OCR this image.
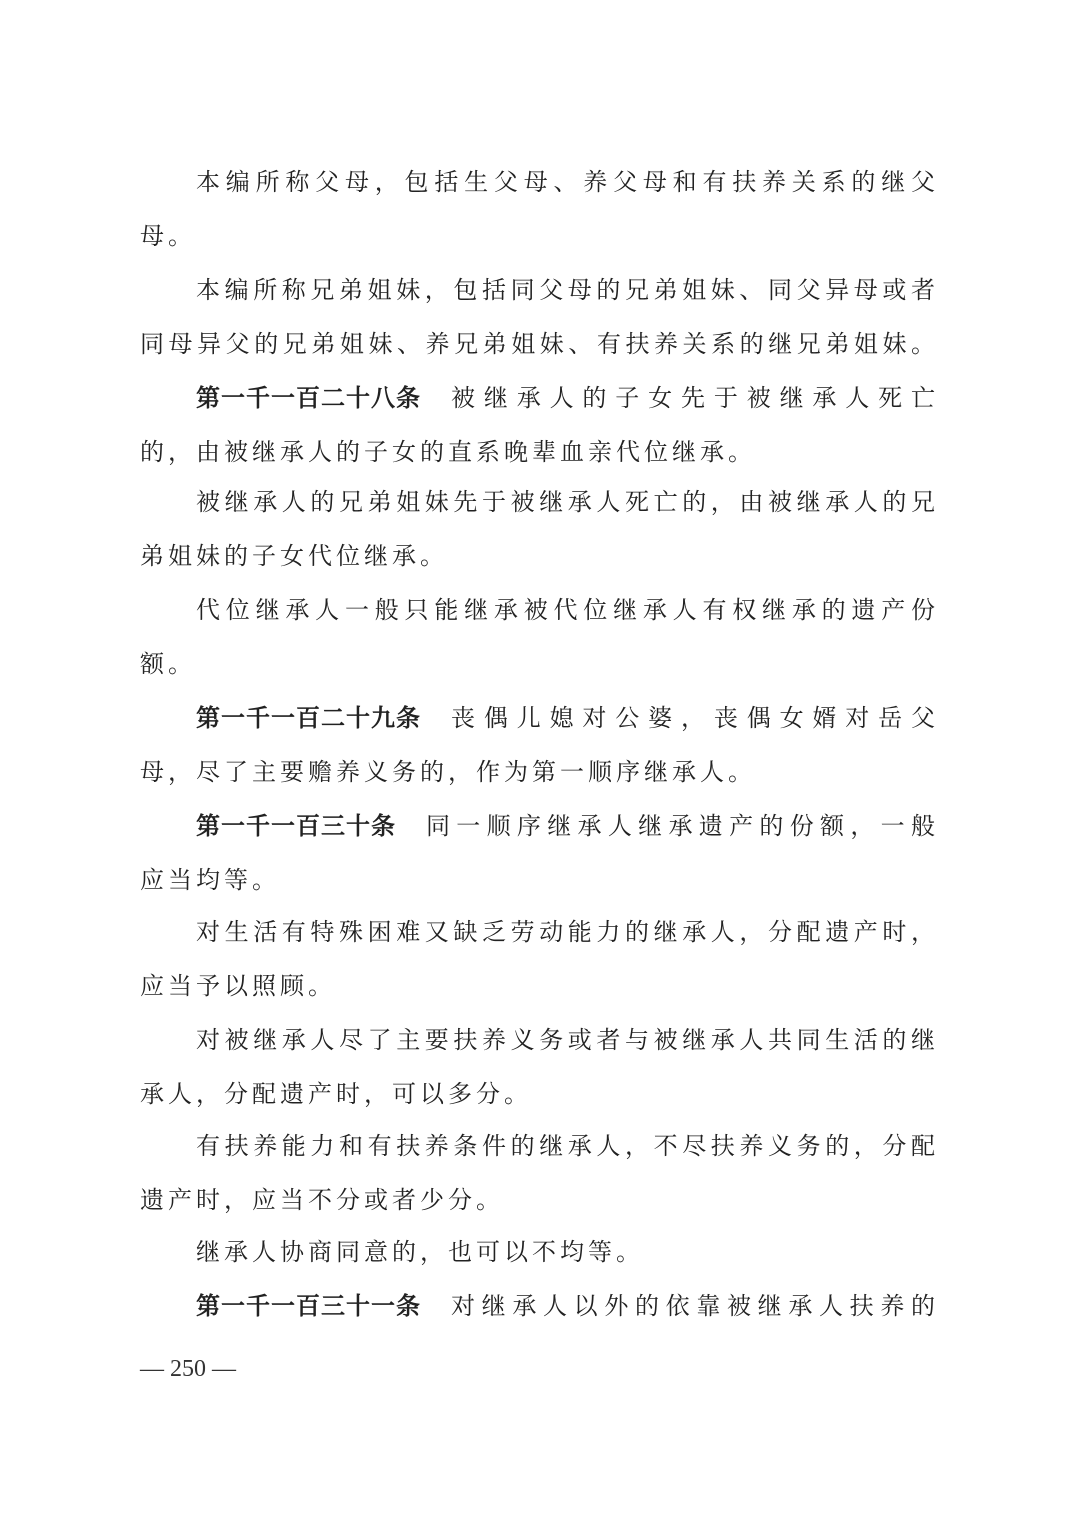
本编所称父母，包括生父母、养父母和有扶养关系的继父
母。
本编所称兄弟姐妹，包括同父母的兄弟姐妹、同父异母或者
同母异父的兄弟姐妹、养兄弟姐妹、有扶养关系的继兄弟姐妹。
第一千一百二十八条 被继承人的子女先于被继承人死亡
的，由被继承人的子女的直系晚辈血亲代位继承。
被继承人的兄弟姐妹先于被继承人死亡的，由被继承人的兄
弟姐妹的子女代位继承。
代位继承人一般只能继承被代位继承人有权继承的遗产份
额。
第一千一百二十九条 丧偶儿媳对公婆，丧偶女婿对岳父
母，尽了主要赡养义务的，作为第一顺序继承人。
第一千一百三十条 同一顺序继承人继承遗产的份额，一般
应当均等。
对生活有特殊困难又缺乏劳动能力的继承人，分配遗产时，
应当予以照顾。
对被继承人尽了主要扶养义务或者与被继承人共同生活的继
承人，分配遗产时，可以多分。
有扶养能力和有扶养条件的继承人，不尽扶养义务的，分配
遗产时，应当不分或者少分。
继承人协商同意的，也可以不均等。
第一千一百三十一条 对继承人以外的依靠被继承人扶养的
— 250 —
